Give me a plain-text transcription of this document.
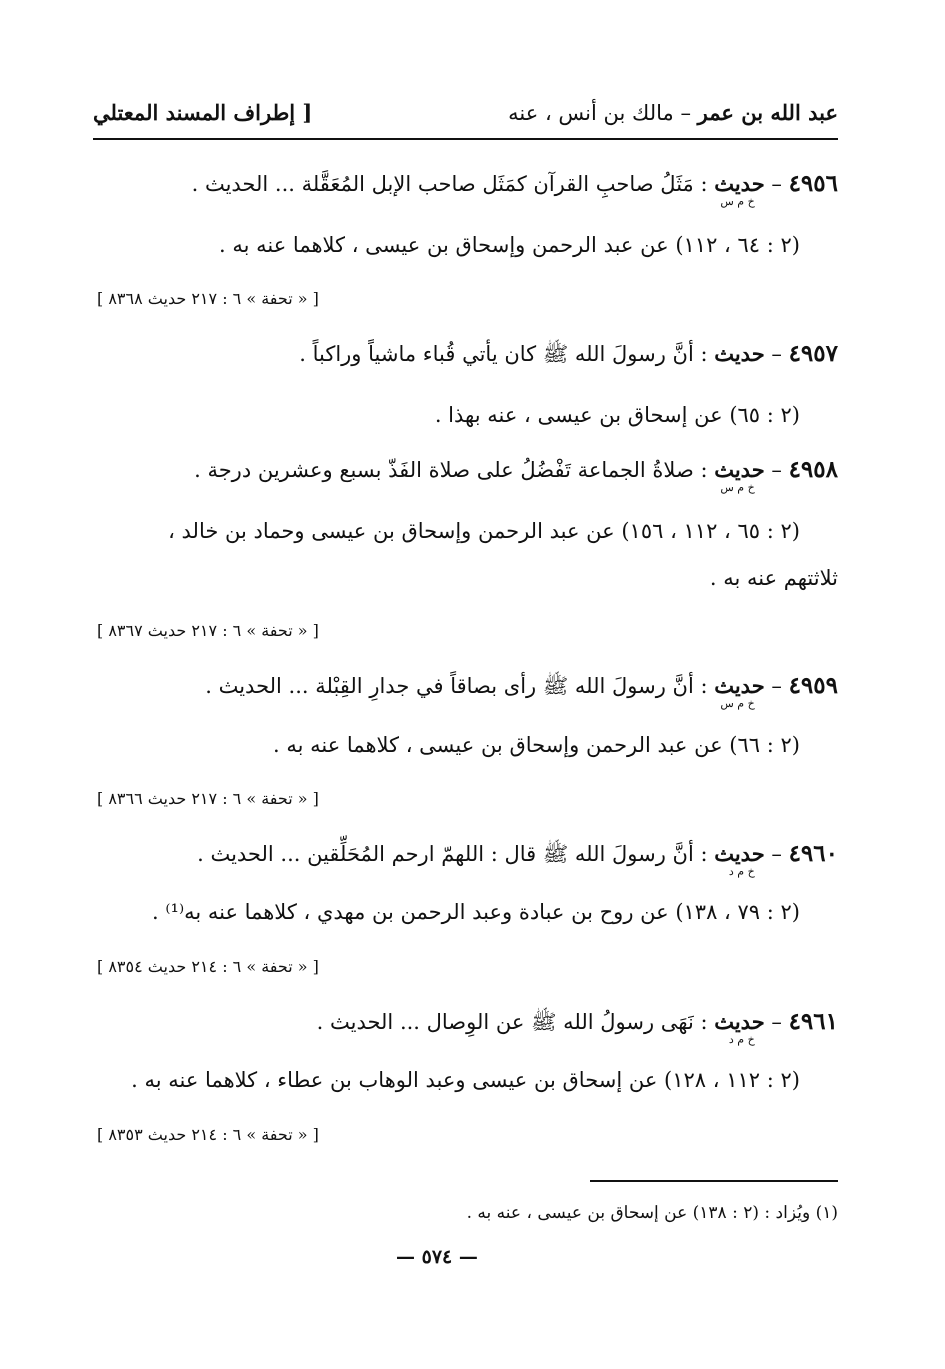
عبد الله بن عمر – مالك بن أنس ، عنه
[ إطراف المسند المعتلي
٤٩٥٦ – حديث
خ م س
: مَثَلُ صاحبِ القرآن كمَثَل صاحب الإبل المُعَقَّلة ... الحديث .
(٢ : ٦٤ ، ١١٢) عن عبد الرحمن وإسحاق بن عيسى ، كلاهما عنه به .
[ « تحفة » ٦ : ٢١٧ حديث ٨٣٦٨ ]
٤٩٥٧ – حديث : أنَّ رسولَ الله ﷺ كان يأتي قُباء ماشياً وراكباً .
(٢ : ٦٥) عن إسحاق بن عيسى ، عنه بهذا .
٤٩٥٨ – حديث
خ م س
: صلاةُ الجماعة تَفْضُلُ على صلاة الفَذّ بسبع وعشرين درجة .
(٢ : ٦٥ ، ١١٢ ، ١٥٦) عن عبد الرحمن وإسحاق بن عيسى وحماد بن خالد ،
ثلاثتهم عنه به .
[ « تحفة » ٦ : ٢١٧ حديث ٨٣٦٧ ]
٤٩٥٩ – حديث
خ م س
: أنَّ رسولَ الله ﷺ رأى بصاقاً في جدارِ القِبْلة ... الحديث .
(٢ : ٦٦) عن عبد الرحمن وإسحاق بن عيسى ، كلاهما عنه به .
[ « تحفة » ٦ : ٢١٧ حديث ٨٣٦٦ ]
٤٩٦٠ – حديث
خ م د
: أنَّ رسولَ الله ﷺ قال : اللهمّ ارحم المُحَلِّقين ... الحديث .
(٢ : ٧٩ ، ١٣٨) عن روح بن عبادة وعبد الرحمن بن مهدي ، كلاهما عنه به⁽¹⁾ .
[ « تحفة » ٦ : ٢١٤ حديث ٨٣٥٤ ]
٤٩٦١ – حديث
خ م د
: نَهَى رسولُ الله ﷺ عن الوِصال ... الحديث .
(٢ : ١١٢ ، ١٢٨) عن إسحاق بن عيسى وعبد الوهاب بن عطاء ، كلاهما عنه به .
[ « تحفة » ٦ : ٢١٤ حديث ٨٣٥٣ ]
(١) ويُزاد : (٢ : ١٣٨) عن إسحاق بن عيسى ، عنه به .
— ٥٧٤ —
